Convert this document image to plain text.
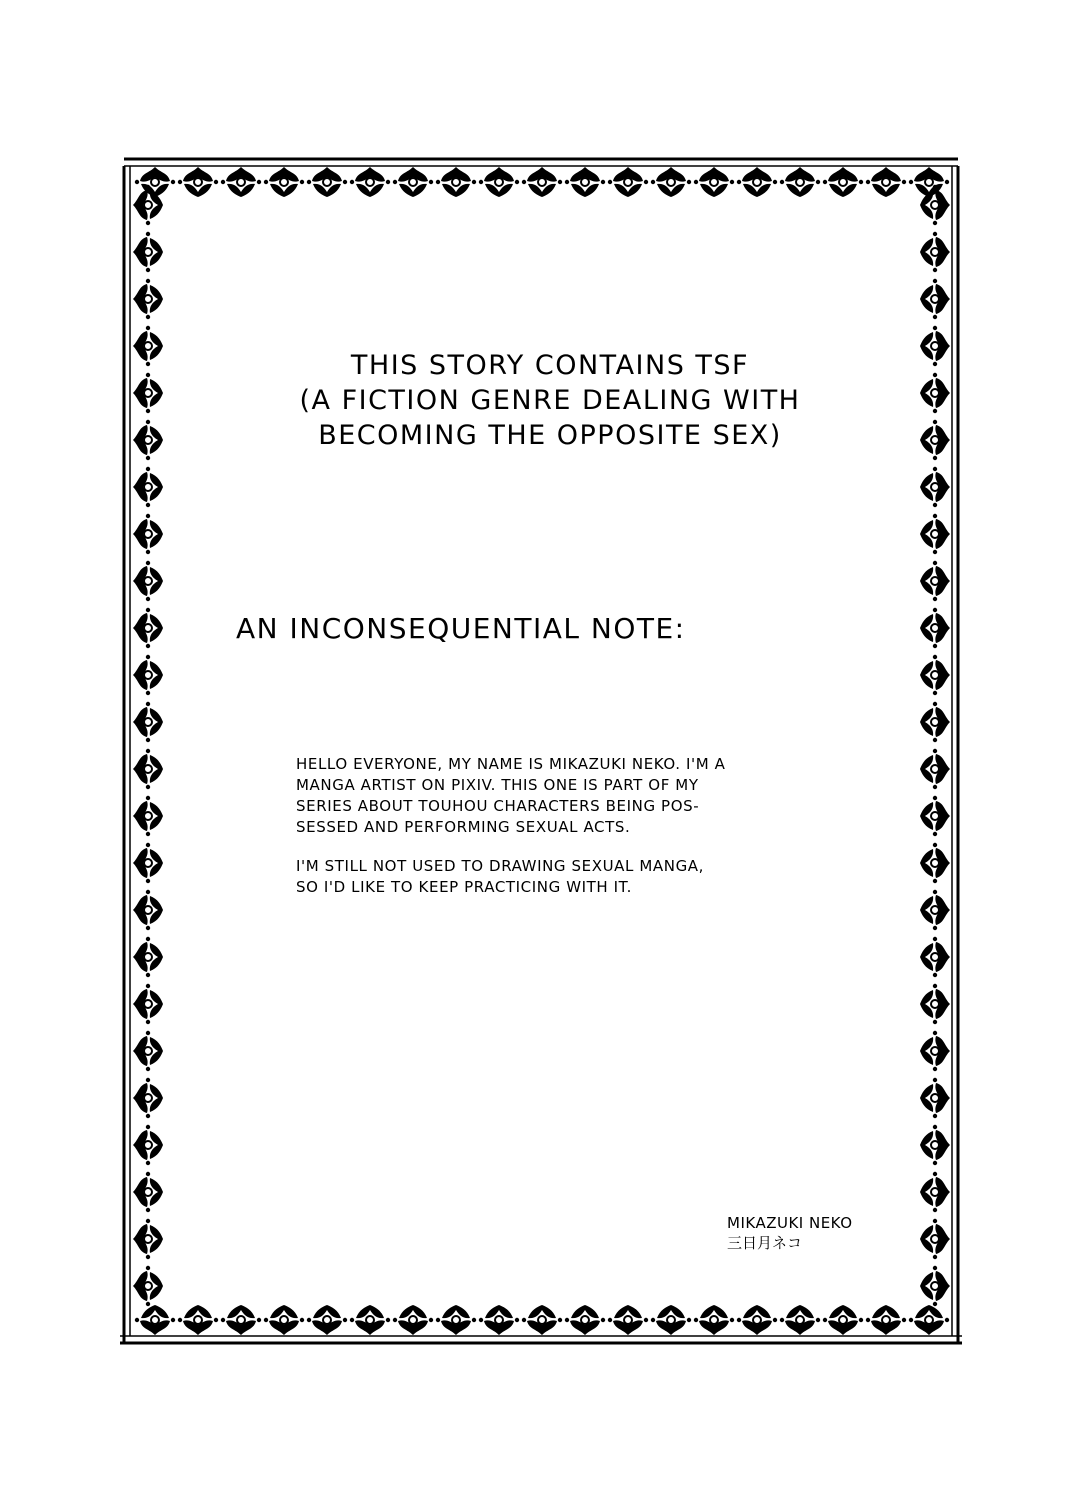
THIS STORY CONTAINS TSF
(A FICTION GENRE DEALING WITH
BECOMING THE OPPOSITE SEX)
AN INCONSEQUENTIAL NOTE:
HELLO EVERYONE, MY NAME IS MIKAZUKI NEKO. I'M A
MANGA ARTIST ON PIXIV. THIS ONE IS PART OF MY
SERIES ABOUT TOUHOU CHARACTERS BEING POS-
SESSED AND PERFORMING SEXUAL ACTS.
I'M STILL NOT USED TO DRAWING SEXUAL MANGA,
SO I'D LIKE TO KEEP PRACTICING WITH IT.
MIKAZUKI NEKO
三日月ネコ
